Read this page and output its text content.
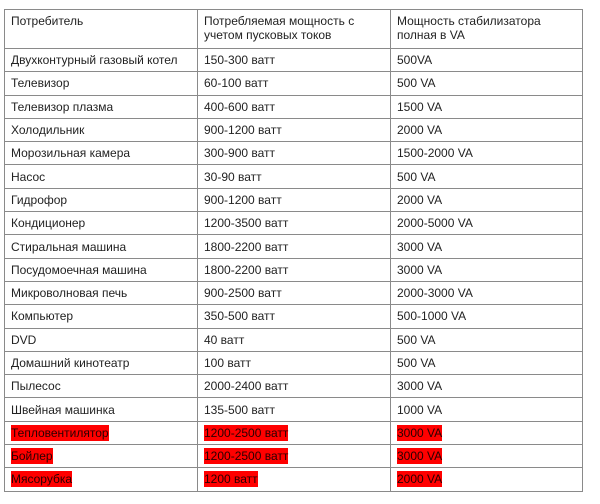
Потребитель	Потребляемая мощность с учетом пусковых токов	Мощность стабилизатора полная в VA
Двухконтурный газовый котел	150-300 ватт	500VA
Телевизор	60-100 ватт	500 VA
Телевизор плазма	400-600 ватт	1500 VA
Холодильник	900-1200 ватт	2000 VA
Морозильная камера	300-900 ватт	1500-2000 VA
Насос	30-90 ватт	500 VA
Гидрофор	900-1200 ватт	2000 VA
Кондиционер	1200-3500 ватт	2000-5000 VA
Стиральная машина	1800-2200 ватт	3000 VA
Посудомоечная машина	1800-2200 ватт	3000 VA
Микроволновая печь	900-2500 ватт	2000-3000 VA
Компьютер	350-500 ватт	500-1000 VA
DVD	40 ватт	500 VA
Домашний кинотеатр	100 ватт	500 VA
Пылесос	2000-2400 ватт	3000 VA
Швейная машинка	135-500 ватт	1000 VA
Тепловентилятор	1200-2500 ватт	3000 VA
Бойлер	1200-2500 ватт	3000 VA
Мясорубка	1200 ватт	2000 VA
